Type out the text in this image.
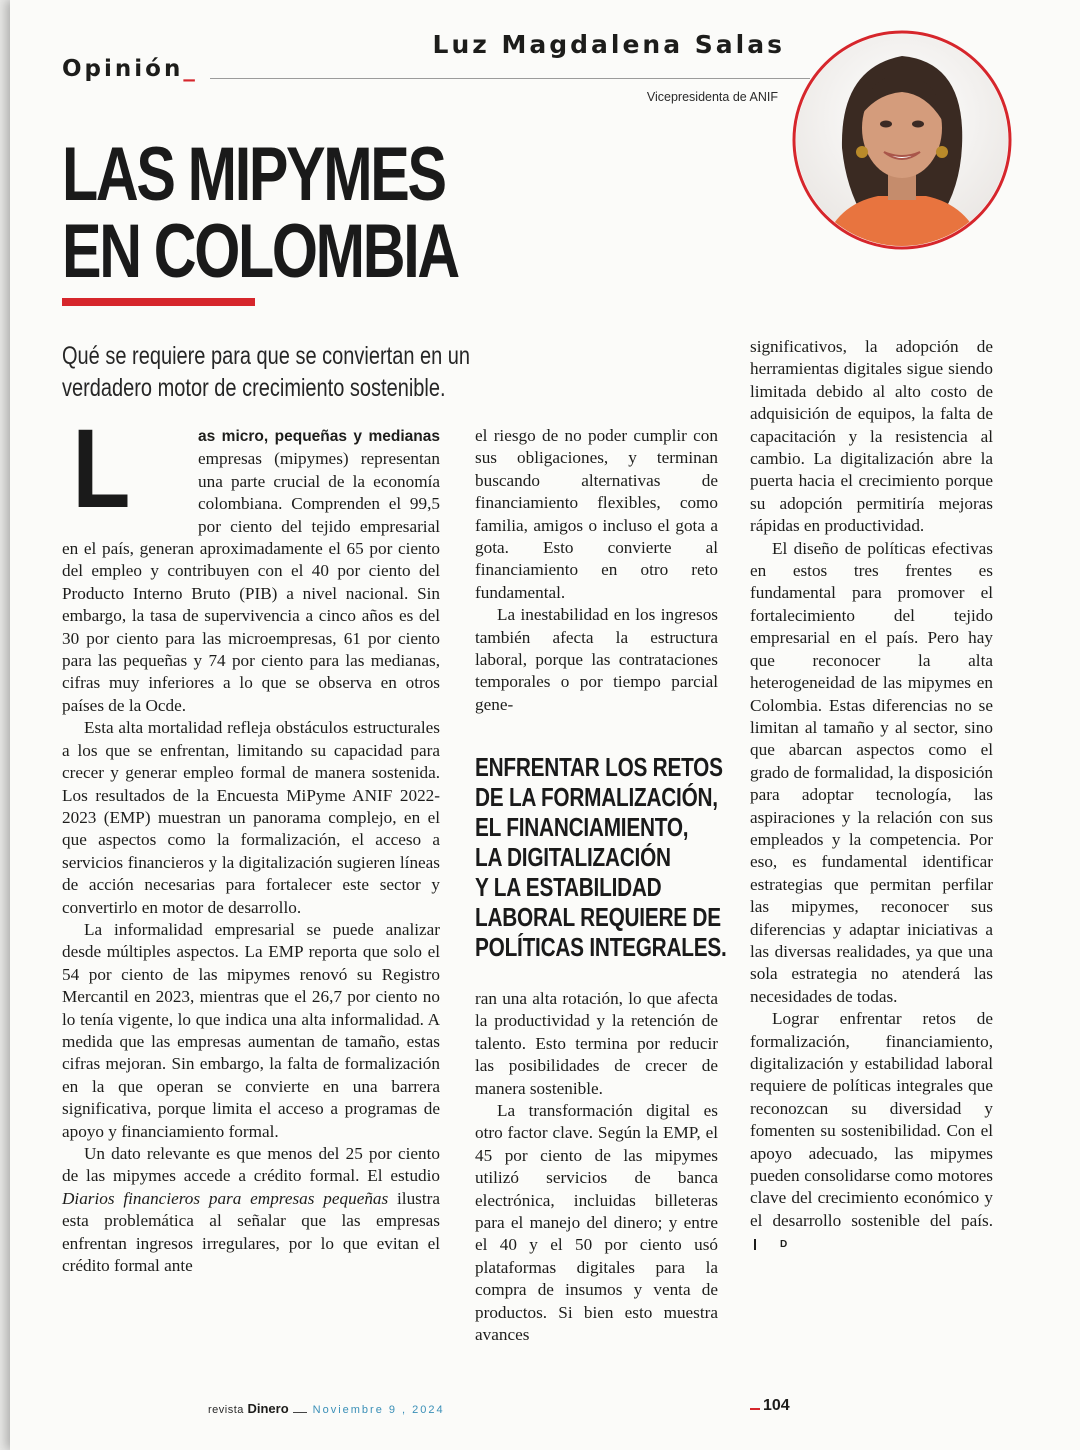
Opinión_
Luz Magdalena Salas
Vicepresidenta de ANIF
LAS MIPYMES
EN COLOMBIA
Qué se requiere para que se conviertan en un verdadero motor de crecimiento sostenible.
L	as micro, pequeñas y medianas empresas (mipymes) representan una parte crucial de la economía colombiana. Comprenden el 99,5 por ciento del tejido empresarial en el país, generan aproximadamente el 65 por ciento del empleo y contribuyen con el 40 por ciento del Producto Interno Bruto (PIB) a nivel nacional. Sin embargo, la tasa de supervivencia a cinco años es del 30 por ciento para las microempresas, 61 por ciento para las pequeñas y 74 por ciento para las medianas, cifras muy inferiores a lo que se observa en otros países de la Ocde.

Esta alta mortalidad refleja obstáculos estructurales a los que se enfrentan, limitando su capacidad para crecer y generar empleo formal de manera sostenida. Los resultados de la Encuesta MiPyme ANIF 2022-2023 (EMP) muestran un panorama complejo, en el que aspectos como la formalización, el acceso a servicios financieros y la digitalización sugieren líneas de acción necesarias para fortalecer este sector y convertirlo en motor de desarrollo.

La informalidad empresarial se puede analizar desde múltiples aspectos. La EMP reporta que solo el 54 por ciento de las mipymes renovó su Registro Mercantil en 2023, mientras que el 26,7 por ciento no lo tenía vigente, lo que indica una alta informalidad. A medida que las empresas aumentan de tamaño, estas cifras mejoran. Sin embargo, la falta de formalización en la que operan se convierte en una barrera significativa, porque limita el acceso a programas de apoyo y financiamiento formal.

Un dato relevante es que menos del 25 por ciento de las mipymes accede a crédito formal. El estudio Diarios financieros para empresas pequeñas ilustra esta problemática al señalar que las empresas enfrentan ingresos irregulares, por lo que evitan el crédito formal ante

el riesgo de no poder cumplir con sus obligaciones, y terminan buscando alternativas de financiamiento flexibles, como familia, amigos o incluso el gota a gota. Esto convierte al financiamiento en otro reto fundamental.

La inestabilidad en los ingresos también afecta la estructura laboral, porque las contrataciones temporales o por tiempo parcial gene-

ENFRENTAR LOS RETOS
DE LA FORMALIZACIÓN,
EL FINANCIAMIENTO,
LA DIGITALIZACIÓN
Y LA ESTABILIDAD
LABORAL REQUIERE DE
POLÍTICAS INTEGRALES.

ran una alta rotación, lo que afecta la productividad y la retención de talento. Esto termina por reducir las posibilidades de crecer de manera sostenible.

La transformación digital es otro factor clave. Según la EMP, el 45 por ciento de las mipymes utilizó servicios de banca electrónica, incluidas billeteras para el manejo del dinero; y entre el 40 y el 50 por ciento usó plataformas digitales para la compra de insumos y venta de productos. Si bien esto muestra avances

significativos, la adopción de herramientas digitales sigue siendo limitada debido al alto costo de adquisición de equipos, la falta de capacitación y la resistencia al cambio. La digitalización abre la puerta hacia el crecimiento porque su adopción permitiría mejoras rápidas en productividad.

El diseño de políticas efectivas en estos tres frentes es fundamental para promover el fortalecimiento del tejido empresarial en el país. Pero hay que reconocer la alta heterogeneidad de las mipymes en Colombia. Estas diferencias no se limitan al tamaño y al sector, sino que abarcan aspectos como el grado de formalidad, la disposición para adoptar tecnología, las aspiraciones y la relación con sus empleados y la competencia. Por eso, es fundamental identificar estrategias que permitan perfilar las mipymes, reconocer sus diferencias y adaptar iniciativas a las diversas realidades, ya que una sola estrategia no atenderá las necesidades de todas.

Lograr enfrentar retos de formalización, financiamiento, digitalización y estabilidad laboral requiere de políticas integrales que reconozcan su diversidad y fomenten su sostenibilidad. Con el apoyo adecuado, las mipymes pueden consolidarse como motores clave del crecimiento económico y el desarrollo sostenible del país.D

revista Dinero Noviembre 9 , 2024	104
